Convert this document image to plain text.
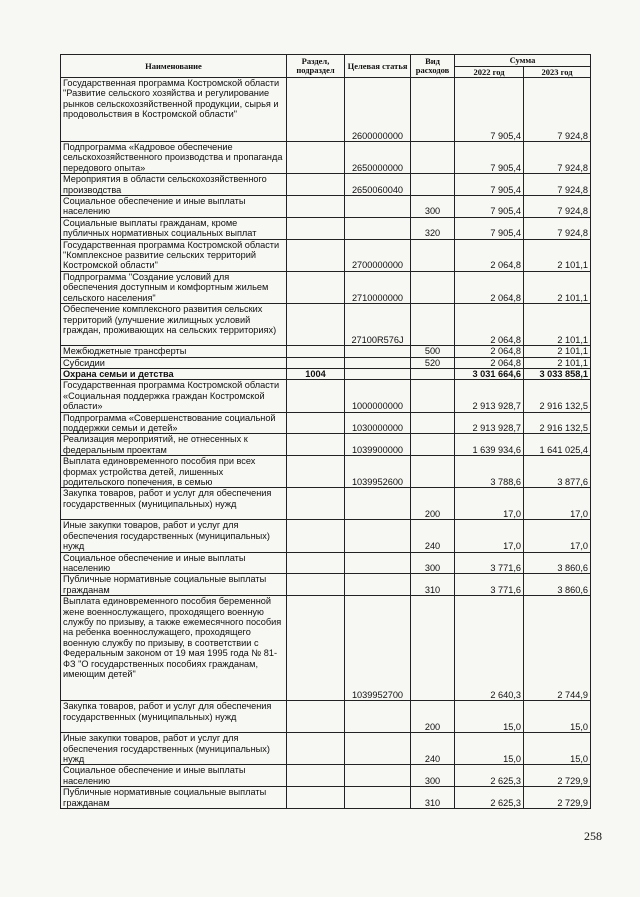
Наименование	Раздел, подраздел	Целевая статья	Вид расходов	Сумма	
				2022 год	2023 год
Государственная программа Костромской области "Развитие сельского хозяйства и регулирование рынков сельскохозяйственной продукции, сырья и продовольствия в Костромской области"		2600000000		7 905,4	7 924,8
Подпрограмма «Кадровое обеспечение сельскохозяйственного производства и пропаганда передового опыта»		2650000000		7 905,4	7 924,8
Мероприятия в области сельскохозяйственного производства		2650060040		7 905,4	7 924,8
Социальное обеспечение и иные выплаты населению			300	7 905,4	7 924,8
Социальные выплаты гражданам, кроме публичных нормативных социальных выплат			320	7 905,4	7 924,8
Государственная программа Костромской области "Комплексное развитие сельских территорий Костромской области"		2700000000		2 064,8	2 101,1
Подпрограмма "Создание условий для обеспечения доступным и комфортным жильем сельского населения"		2710000000		2 064,8	2 101,1
Обеспечение комплексного развития сельских территорий (улучшение жилищных условий граждан, проживающих на сельских территориях)		27100R576J		2 064,8	2 101,1
Межбюджетные трансферты			500	2 064,8	2 101,1
Субсидии			520	2 064,8	2 101,1
Охрана семьи и детства	1004			3 031 664,6	3 033 858,1
Государственная программа Костромской области «Социальная поддержка граждан Костромской области»		1000000000		2 913 928,7	2 916 132,5
Подпрограмма «Совершенствование социальной поддержки семьи и детей»		1030000000		2 913 928,7	2 916 132,5
Реализация мероприятий, не отнесенных к федеральным проектам		1039900000		1 639 934,6	1 641 025,4
Выплата единовременного пособия при всех формах устройства детей, лишенных родительского попечения, в семью		1039952600		3 788,6	3 877,6
Закупка товаров, работ и услуг для обеспечения государственных (муниципальных) нужд			200	17,0	17,0
Иные закупки товаров, работ и услуг для обеспечения государственных (муниципальных) нужд			240	17,0	17,0
Социальное обеспечение и иные выплаты населению			300	3 771,6	3 860,6
Публичные нормативные социальные выплаты гражданам			310	3 771,6	3 860,6
Выплата единовременного пособия беременной жене военнослужащего, проходящего военную службу по призыву, а также ежемесячного пособия на ребенка военнослужащего, проходящего военную службу по призыву, в соответствии с Федеральным законом от 19 мая 1995 года № 81-ФЗ "О государственных пособиях гражданам, имеющим детей"		1039952700		2 640,3	2 744,9
Закупка товаров, работ и услуг для обеспечения государственных (муниципальных) нужд			200	15,0	15,0
Иные закупки товаров, работ и услуг для обеспечения государственных (муниципальных) нужд			240	15,0	15,0
Социальное обеспечение и иные выплаты населению			300	2 625,3	2 729,9
Публичные нормативные социальные выплаты гражданам			310	2 625,3	2 729,9
258
